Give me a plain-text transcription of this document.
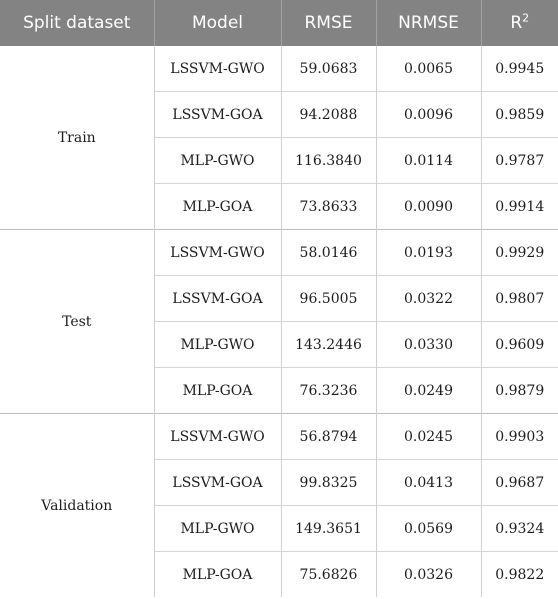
Split dataset	Model	RMSE	NRMSE	$R^2$
Train	LSSVM-GWO	59.0683	0.0065	0.9945
	LSSVM-GOA	94.2088	0.0096	0.9859
	MLP-GWO	116.3840	0.0114	0.9787
	MLP-GOA	73.8633	0.0090	0.9914
Test	LSSVM-GWO	58.0146	0.0193	0.9929
	LSSVM-GOA	96.5005	0.0322	0.9807
	MLP-GWO	143.2446	0.0330	0.9609
	MLP-GOA	76.3236	0.0249	0.9879
Validation	LSSVM-GWO	56.8794	0.0245	0.9903
	LSSVM-GOA	99.8325	0.0413	0.9687
	MLP-GWO	149.3651	0.0569	0.9324
	MLP-GOA	75.6826	0.0326	0.9822
